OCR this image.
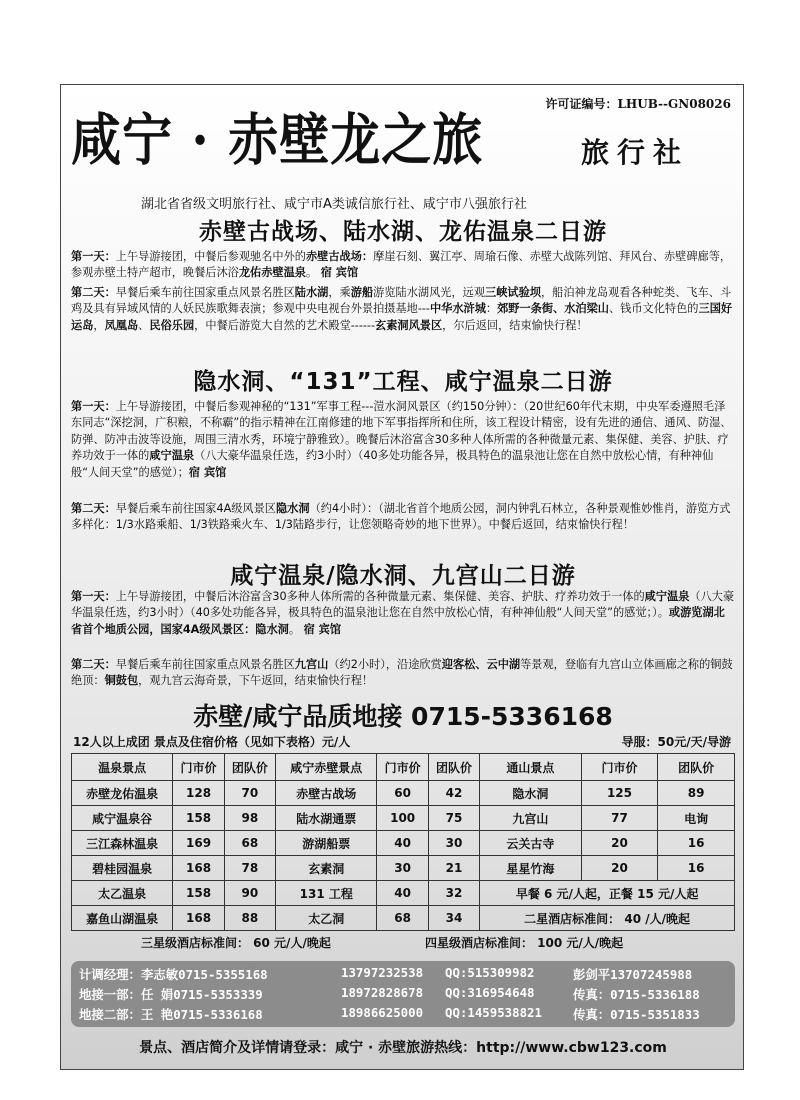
许可证编号：LHUB--GN08026
咸宁 · 赤壁龙之旅	旅行社
湖北省省级文明旅行社、咸宁市A类诚信旅行社、咸宁市八强旅行社
赤壁古战场、陆水湖、龙佑温泉二日游
第一天：上午导游接团，中餐后参观驰名中外的赤壁古战场：摩崖石刻、翼江亭、周瑜石像、赤壁大战陈列馆、拜风台、赤壁碑廊等，参观赤壁土特产超市，晚餐后沐浴龙佑赤壁温泉。 宿 宾馆
第二天：早餐后乘车前往国家重点风景名胜区陆水湖，乘游船游览陆水湖风光，远观三峡试验坝，船泊神龙岛观看各种蛇类、飞车、斗鸡及具有异域风情的人妖民族歌舞表演；参观中央电视台外景拍摄基地---中华水浒城：郊野一条街、水泊梁山、钱币文化特色的三国好运岛，凤凰岛、民俗乐园，中餐后游览大自然的艺术殿堂------玄素洞风景区，尔后返回，结束愉快行程！
隐水洞、“131”工程、咸宁温泉二日游
第一天：上午导游接团，中餐后参观神秘的“131”军事工程---溰水洞风景区（约150分钟）：（20世纪60年代末期，中央军委遵照毛泽东同志“深挖洞，广积粮，不称霸”的指示精神在江南修建的地下军事指挥所和住所，该工程设计精密，设有先进的通信、通风、防湿、防弹、防冲击波等设施，周围三清水秀，环境宁静雅致）。晚餐后沐浴富含30多种人体所需的各种微量元素、集保健、美容、护肤、疗养功效于一体的咸宁温泉（八大豪华温泉任选，约3小时）（40多处功能各异，极具特色的温泉池让您在自然中放松心情，有种神仙般“人间天堂”的感觉）；宿 宾馆
第二天：早餐后乘车前往国家4A级风景区隐水洞（约4小时）：（湖北省首个地质公园，洞内钟乳石林立，各种景观惟妙惟肖，游览方式多样化：1/3水路乘船、1/3铁路乘火车、1/3陆路步行，让您领略奇妙的地下世界）。中餐后返回，结束愉快行程！
咸宁温泉/隐水洞、九宫山二日游
第一天：上午导游接团，中餐后沐浴富含30多种人体所需的各种微量元素、集保健、美容、护肤、疗养功效于一体的咸宁温泉（八大豪华温泉任选，约3小时）（40多处功能各异，极具特色的温泉池让您在自然中放松心情，有种神仙般“人间天堂”的感觉；）。或游览湖北省首个地质公园，国家4A级风景区：隐水洞。 宿 宾馆
第二天：早餐后乘车前往国家重点风景名胜区九宫山（约2小时），沿途欣赏迎客松、云中湖等景观，登临有九宫山立体画廊之称的铜鼓绝顶：铜鼓包，观九宫云海奇景，下午返回，结束愉快行程！
赤壁/咸宁品质地接 0715-5336168
12人以上成团 景点及住宿价格（见如下表格）元/人	导服：50元/天/导游
温泉景点	门市价	团队价	咸宁赤壁景点	门市价	团队价	通山景点	门市价	团队价
赤壁龙佑温泉	128	70	赤壁古战场	60	42	隐水洞	125	89
咸宁温泉谷	158	98	陆水湖通票	100	75	九宫山	77	电询
三江森林温泉	169	68	游湖船票	40	30	云关古寺	20	16
碧桂园温泉	168	78	玄素洞	30	21	星星竹海	20	16
太乙温泉	158	90	131 工程	40	32	早餐 6 元/人起，正餐 15 元/人起		
嘉鱼山湖温泉	168	88	太乙洞	68	34	二星酒店标准间： 40 /人/晚起		
三星级酒店标准间： 60 元/人/晚起	四星级酒店标准间： 100 元/人/晚起
计调经理：李志敏0715-5355168	13797232538 QQ:515309982	彭剑平13707245988
地接一部：任 娟0715-5353339	18972828678 QQ:316954648	传真：0715-5336188
地接二部：王 艳0715-5336168	18986625000 QQ:1459538821	传真：0715-5351833
景点、酒店简介及详情请登录：咸宁 · 赤壁旅游热线：http://www.cbw123.com
